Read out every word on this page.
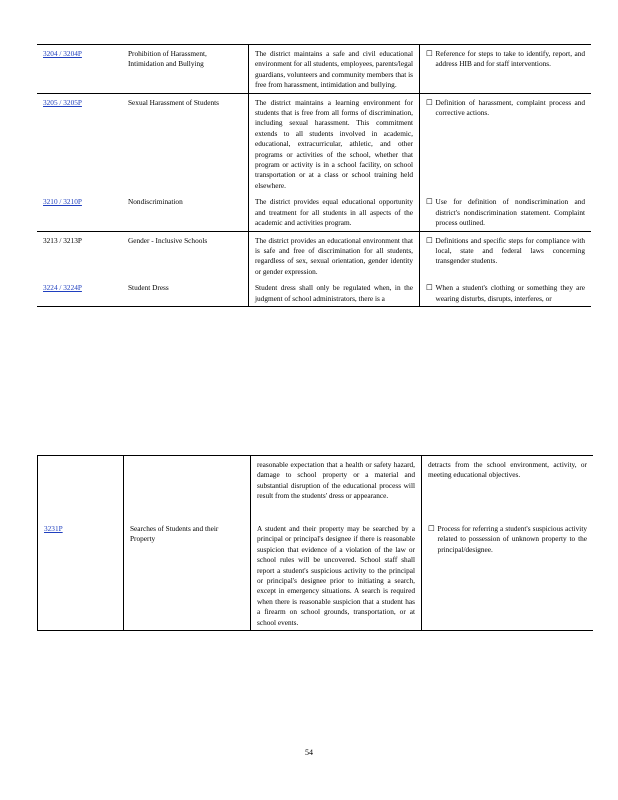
3204 / 3204P	Prohibition of Harassment, Intimidation and Bullying	The district maintains a safe and civil educational environment for all students, employees, parents/legal guardians, volunteers and community members that is free from harassment, intimidation and bullying.	☐ Reference for steps to take to identify, report, and address HIB and for staff interventions.

3205 / 3205P	Sexual Harassment of Students	The district maintains a learning environment for students that is free from all forms of discrimination, including sexual harassment. This commitment extends to all students involved in academic, educational, extracurricular, athletic, and other programs or activities of the school, whether that program or activity is in a school facility, on school transportation or at a class or school training held elsewhere.	☐ Definition of harassment, complaint process and corrective actions.

3210 / 3210P	Nondiscrimination	The district provides equal educational opportunity and treatment for all students in all aspects of the academic and activities program.	☐ Use for definition of nondiscrimination and district's nondiscrimination statement. Complaint process outlined.

3213 / 3213P	Gender - Inclusive Schools	The district provides an educational environment that is safe and free of discrimination for all students, regardless of sex, sexual orientation, gender identity or gender expression.	☐ Definitions and specific steps for compliance with local, state and federal laws concerning transgender students.

3224 / 3224P	Student Dress	Student dress shall only be regulated when, in the judgment of school administrators, there is a	☐ When a student's clothing or something they are wearing disturbs, disrupts, interferes, or
		reasonable expectation that a health or safety hazard, damage to school property or a material and substantial disruption of the educational process will result from the students' dress or appearance.	detracts from the school environment, activity, or meeting educational objectives.
3231P	Searches of Students and their Property	A student and their property may be searched by a principal or principal's designee if there is reasonable suspicion that evidence of a violation of the law or school rules will be uncovered. School staff shall report a student's suspicious activity to the principal or principal's designee prior to initiating a search, except in emergency situations. A search is required when there is reasonable suspicion that a student has a firearm on school grounds, transportation, or at school events.	☐ Process for referring a student's suspicious activity related to possession of unknown property to the principal/designee.
54
